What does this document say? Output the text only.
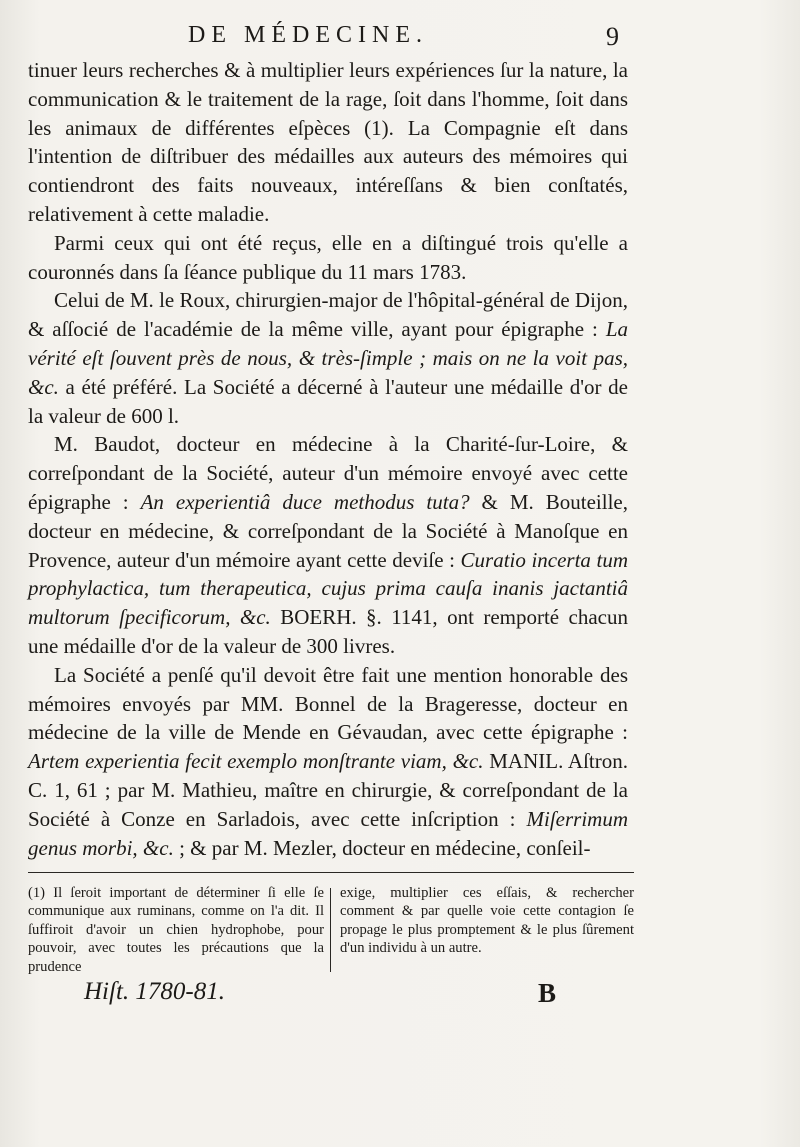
DE MÉDECINE.	9

tinuer leurs recherches & à multiplier leurs expériences ſur la nature, la communication & le traitement de la rage, ſoit dans l'homme, ſoit dans les animaux de différentes eſpèces (1). La Compagnie eſt dans l'intention de diſtribuer des médailles aux auteurs des mémoires qui contiendront des faits nouveaux, intéreſſans & bien conſtatés, relativement à cette maladie.

Parmi ceux qui ont été reçus, elle en a diſtingué trois qu'elle a couronnés dans ſa ſéance publique du 11 mars 1783.

Celui de M. le Roux, chirurgien-major de l'hôpital-général de Dijon, & aſſocié de l'académie de la même ville, ayant pour épigraphe : La vérité eſt ſouvent près de nous, & très-ſimple ; mais on ne la voit pas, &c. a été préféré. La Société a décerné à l'auteur une médaille d'or de la valeur de 600 l.

M. Baudot, docteur en médecine à la Charité-ſur-Loire, & correſpondant de la Société, auteur d'un mémoire envoyé avec cette épigraphe : An experientiâ duce methodus tuta? & M. Bouteille, docteur en médecine, & correſpondant de la Société à Manoſque en Provence, auteur d'un mémoire ayant cette deviſe : Curatio incerta tum prophylactica, tum therapeutica, cujus prima cauſa inanis jactantiâ multorum ſpecificorum, &c. BOERH. §. 1141, ont remporté chacun une médaille d'or de la valeur de 300 livres.

La Société a penſé qu'il devoit être fait une mention honorable des mémoires envoyés par MM. Bonnel de la Brageresse, docteur en médecine de la ville de Mende en Gévaudan, avec cette épigraphe : Artem experientia fecit exemplo monſtrante viam, &c. MANIL. Aſtron. C. 1, 61 ; par M. Mathieu, maître en chirurgie, & correſpondant de la Société à Conze en Sarladois, avec cette inſcription : Miſerrimum genus morbi, &c. ; & par M. Mezler, docteur en médecine, conſeil-

(1) Il ſeroit important de déterminer ſi elle ſe communique aux ruminans, comme on l'a dit. Il ſuffiroit d'avoir un chien hydrophobe, pour pouvoir, avec toutes les précautions que la prudence
exige, multiplier ces eſſais, & rechercher comment & par quelle voie cette contagion ſe propage le plus promptement & le plus ſûrement d'un individu à un autre.
Hiſt. 1780-81.	B
